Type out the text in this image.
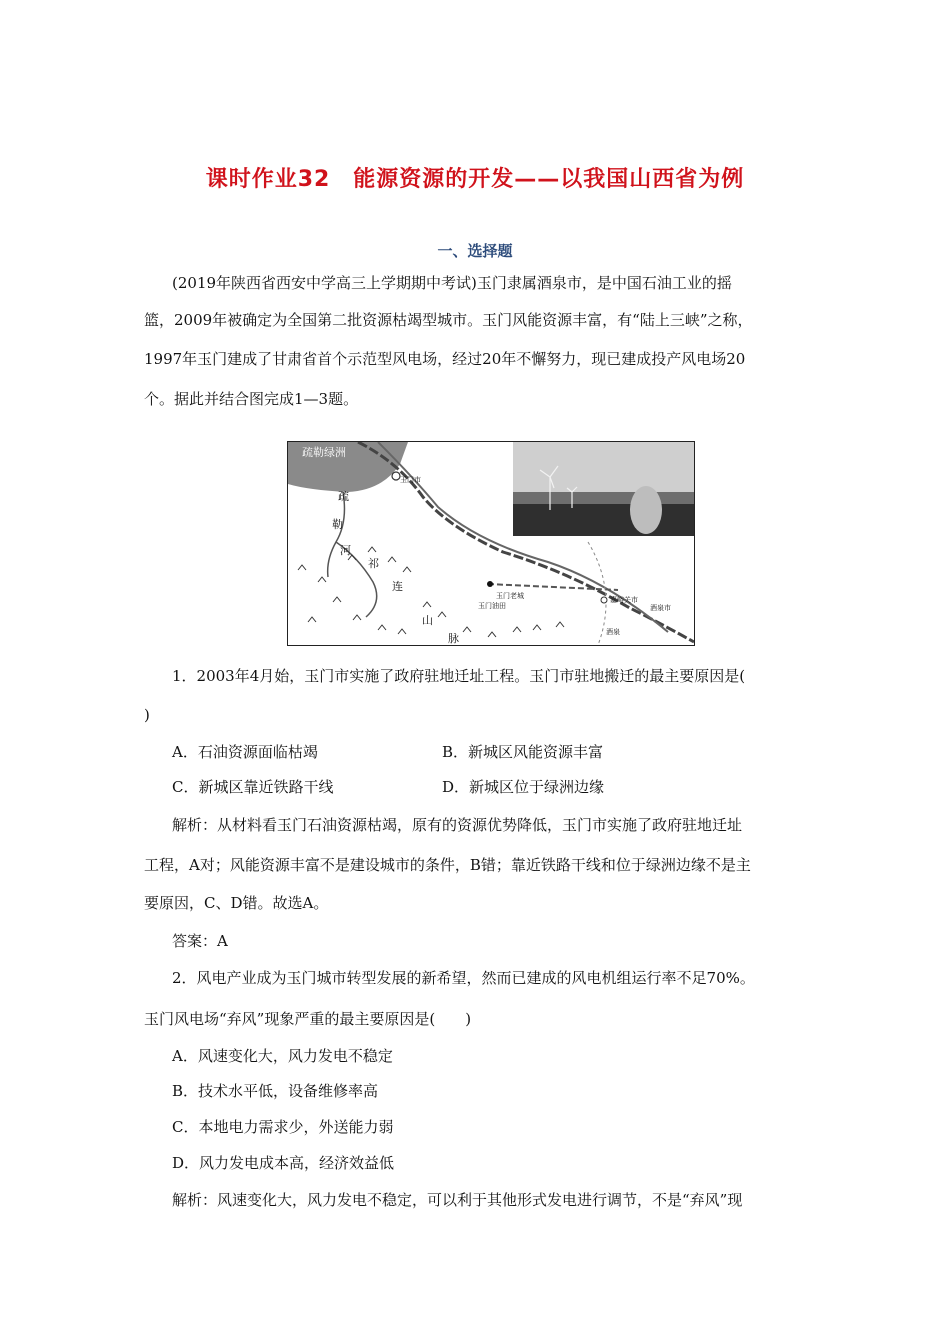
课时作业32　能源资源的开发——以我国山西省为例
一、选择题
(2019年陕西省西安中学高三上学期期中考试)玉门隶属酒泉市，是中国石油工业的摇
篮，2009年被确定为全国第二批资源枯竭型城市。玉门风能资源丰富，有“陆上三峡”之称，
1997年玉门建成了甘肃省首个示范型风电场，经过20年不懈努力，现已建成投产风电场20
个。据此并结合图完成1—3题。
疏勒绿洲
疏
勒
河
祁
连
山
脉
玉门市
玉门老城
玉门油田
嘉峪关市
酒泉市
酒泉
1．2003年4月始，玉门市实施了政府驻地迁址工程。玉门市驻地搬迁的最主要原因是(
)
A．石油资源面临枯竭	B．新城区风能资源丰富
C．新城区靠近铁路干线	D．新城区位于绿洲边缘
解析：从材料看玉门石油资源枯竭，原有的资源优势降低，玉门市实施了政府驻地迁址
工程，A对；风能资源丰富不是建设城市的条件，B错；靠近铁路干线和位于绿洲边缘不是主
要原因，C、D错。故选A。
答案：A
2．风电产业成为玉门城市转型发展的新希望，然而已建成的风电机组运行率不足70%。
玉门风电场“弃风”现象严重的最主要原因是(　　)
A．风速变化大，风力发电不稳定
B．技术水平低，设备维修率高
C．本地电力需求少，外送能力弱
D．风力发电成本高，经济效益低
解析：风速变化大，风力发电不稳定，可以利于其他形式发电进行调节，不是“弃风”现
